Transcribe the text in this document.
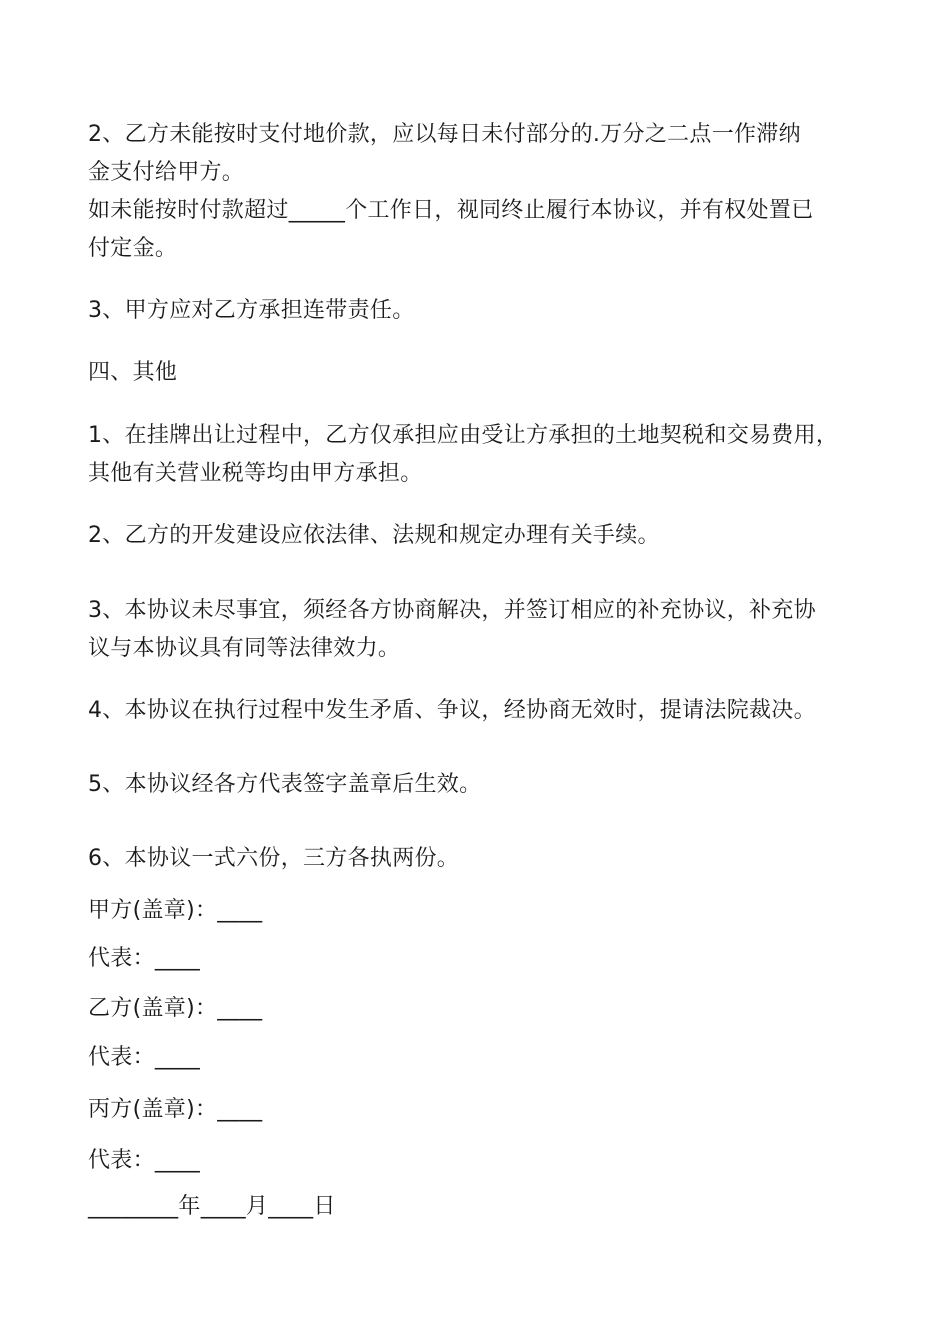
2、乙方未能按时支付地价款，应以每日未付部分的.万分之二点一作滞纳
金支付给甲方。
如未能按时付款超过_____个工作日，视同终止履行本协议，并有权处置已
付定金。
3、甲方应对乙方承担连带责任。
四、其他
1、在挂牌出让过程中，乙方仅承担应由受让方承担的土地契税和交易费用，
其他有关营业税等均由甲方承担。
2、乙方的开发建设应依法律、法规和规定办理有关手续。
3、本协议未尽事宜，须经各方协商解决，并签订相应的补充协议，补充协
议与本协议具有同等法律效力。
4、本协议在执行过程中发生矛盾、争议，经协商无效时，提请法院裁决。
5、本协议经各方代表签字盖章后生效。
6、本协议一式六份，三方各执两份。
甲方(盖章)：____
代表：____
乙方(盖章)：____
代表：____
丙方(盖章)：____
代表：____
________年____月____日
